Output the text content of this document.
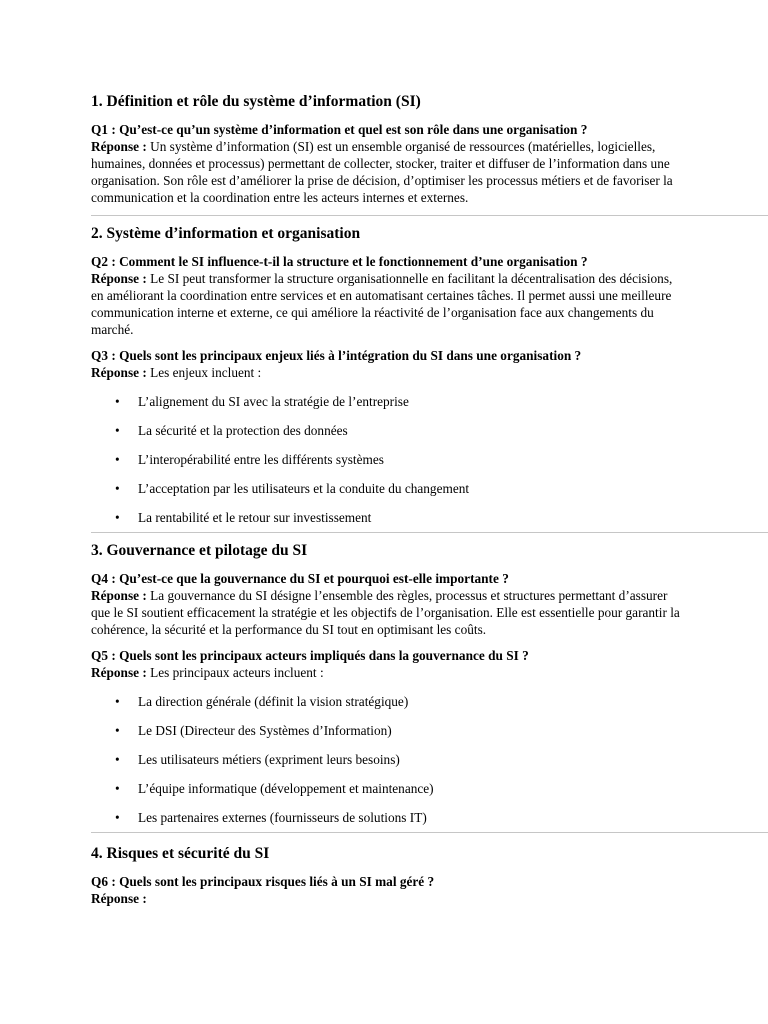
1. Définition et rôle du système d’information (SI)

Q1 : Qu’est-ce qu’un système d’information et quel est son rôle dans une organisation ?
Réponse : Un système d’information (SI) est un ensemble organisé de ressources (matérielles, logicielles, humaines, données et processus) permettant de collecter, stocker, traiter et diffuser de l’information dans une organisation. Son rôle est d’améliorer la prise de décision, d’optimiser les processus métiers et de favoriser la communication et la coordination entre les acteurs internes et externes.

2. Système d’information et organisation

Q2 : Comment le SI influence-t-il la structure et le fonctionnement d’une organisation ?
Réponse : Le SI peut transformer la structure organisationnelle en facilitant la décentralisation des décisions, en améliorant la coordination entre services et en automatisant certaines tâches. Il permet aussi une meilleure communication interne et externe, ce qui améliore la réactivité de l’organisation face aux changements du marché.

Q3 : Quels sont les principaux enjeux liés à l’intégration du SI dans une organisation ?
Réponse : Les enjeux incluent :

• L’alignement du SI avec la stratégie de l’entreprise
• La sécurité et la protection des données
• L’interopérabilité entre les différents systèmes
• L’acceptation par les utilisateurs et la conduite du changement
• La rentabilité et le retour sur investissement
3. Gouvernance et pilotage du SI

Q4 : Qu’est-ce que la gouvernance du SI et pourquoi est-elle importante ?
Réponse : La gouvernance du SI désigne l’ensemble des règles, processus et structures permettant d’assurer que le SI soutient efficacement la stratégie et les objectifs de l’organisation. Elle est essentielle pour garantir la cohérence, la sécurité et la performance du SI tout en optimisant les coûts.

Q5 : Quels sont les principaux acteurs impliqués dans la gouvernance du SI ?
Réponse : Les principaux acteurs incluent :

• La direction générale (définit la vision stratégique)
• Le DSI (Directeur des Systèmes d’Information)
• Les utilisateurs métiers (expriment leurs besoins)
• L’équipe informatique (développement et maintenance)
• Les partenaires externes (fournisseurs de solutions IT)
4. Risques et sécurité du SI

Q6 : Quels sont les principaux risques liés à un SI mal géré ?
Réponse :
